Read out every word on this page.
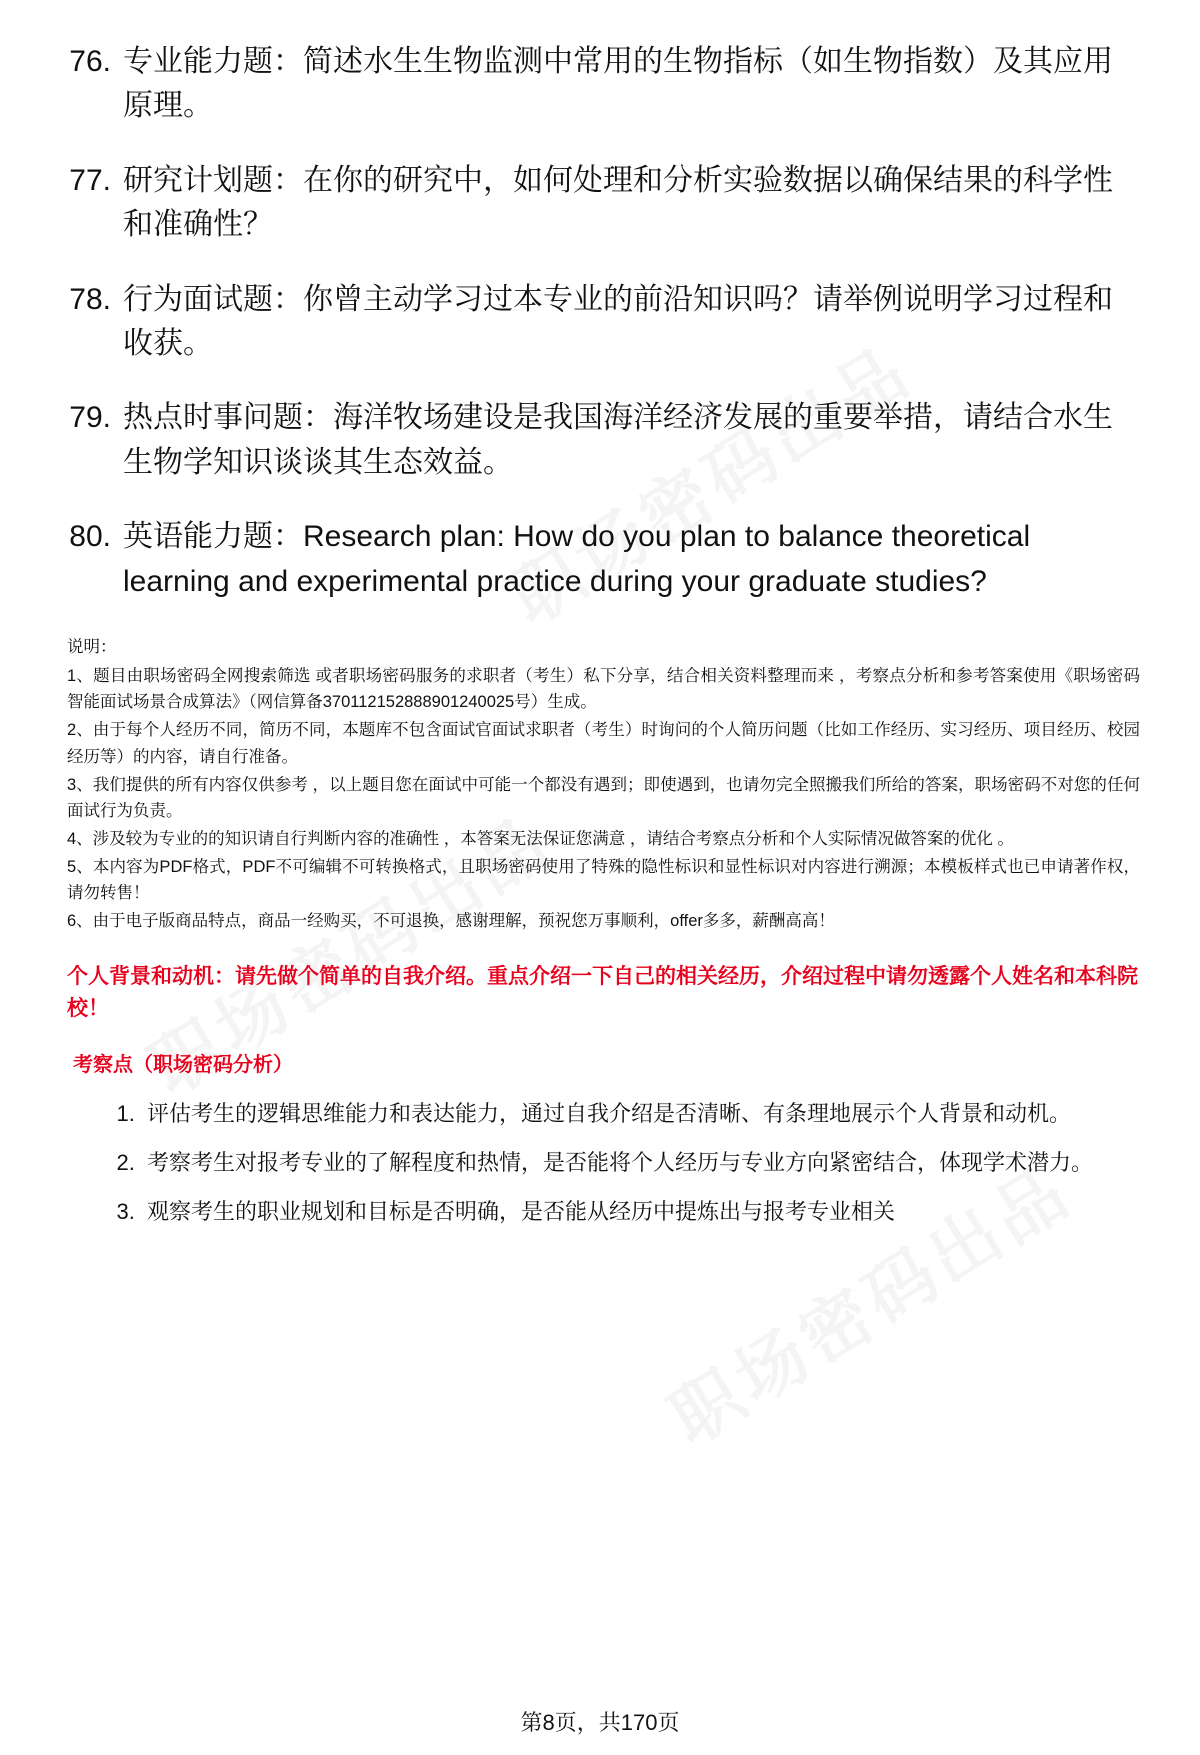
76. 专业能力题：简述水生生物监测中常用的生物指标（如生物指数）及其应用原理。
77. 研究计划题：在你的研究中，如何处理和分析实验数据以确保结果的科学性和准确性？
78. 行为面试题：你曾主动学习过本专业的前沿知识吗？请举例说明学习过程和收获。
79. 热点时事问题：海洋牧场建设是我国海洋经济发展的重要举措，请结合水生生物学知识谈谈其生态效益。
80. 英语能力题：Research plan: How do you plan to balance theoretical learning and experimental practice during your graduate studies?

说明：

1、题目由职场密码全网搜索筛选 或者职场密码服务的求职者（考生）私下分享，结合相关资料整理而来 ，考察点分析和参考答案使用《职场密码智能面试场景合成算法》（网信算备370112152888901240025号）生成。

2、由于每个人经历不同，简历不同，本题库不包含面试官面试求职者（考生）时询问的个人简历问题（比如工作经历、实习经历、项目经历、校园经历等）的内容，请自行准备。

3、我们提供的所有内容仅供参考 ，以上题目您在面试中可能一个都没有遇到；即使遇到，也请勿完全照搬我们所给的答案，职场密码不对您的任何面试行为负责。

4、涉及较为专业的的知识请自行判断内容的准确性 ，本答案无法保证您满意 ，请结合考察点分析和个人实际情况做答案的优化 。

5、本内容为PDF格式，PDF不可编辑不可转换格式，且职场密码使用了特殊的隐性标识和显性标识对内容进行溯源；本模板样式也已申请著作权，请勿转售！

6、由于电子版商品特点，商品一经购买，不可退换，感谢理解，预祝您万事顺利，offer多多，薪酬高高！

个人背景和动机：请先做个简单的自我介绍。重点介绍一下自己的相关经历，介绍过程中请勿透露个人姓名和本科院校！
考察点（职场密码分析）
1. 评估考生的逻辑思维能力和表达能力，通过自我介绍是否清晰、有条理地展示个人背景和动机。
2. 考察考生对报考专业的了解程度和热情，是否能将个人经历与专业方向紧密结合，体现学术潜力。
3. 观察考生的职业规划和目标是否明确，是否能从经历中提炼出与报考专业相关
第8页，共170页
